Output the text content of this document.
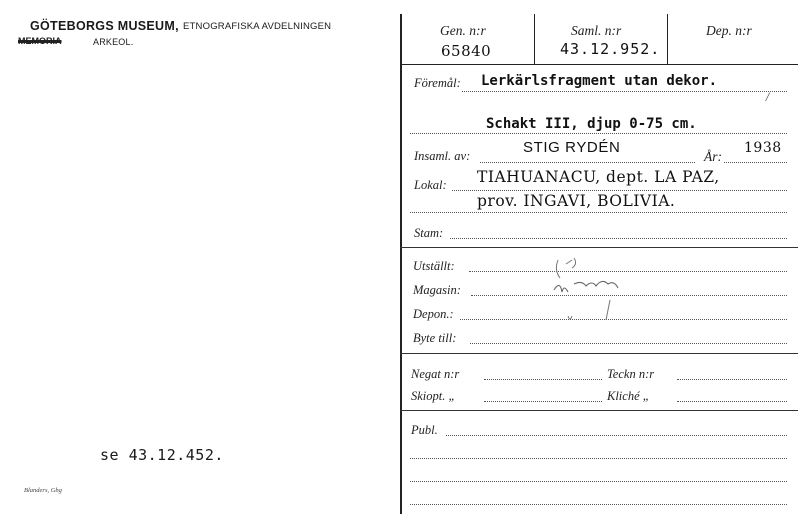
GÖTEBORGS MUSEUM, ETNOGRAFISKA AVDELNINGEN
MEMORIA	ARKEOL.
se 43.12.452.
Blanders, Gbg
Gen. n:r
65840
Saml. n:r
43.12.952.
Dep. n:r
Föremål: Lerkärlsfragment utan dekor.
/
Schakt III, djup 0-75 cm.
Insaml. av:	STIG RYDÉN
År:
1938
Lokal: TIAHUANACU, dept. LA PAZ,
prov. INGAVI, BOLIVIA.
Stam:
Utställt:
Magasin:
Depon.:
Byte till:
Negat n:r	Teckn n:r
Skiopt. „	Kliché „
Publ.
